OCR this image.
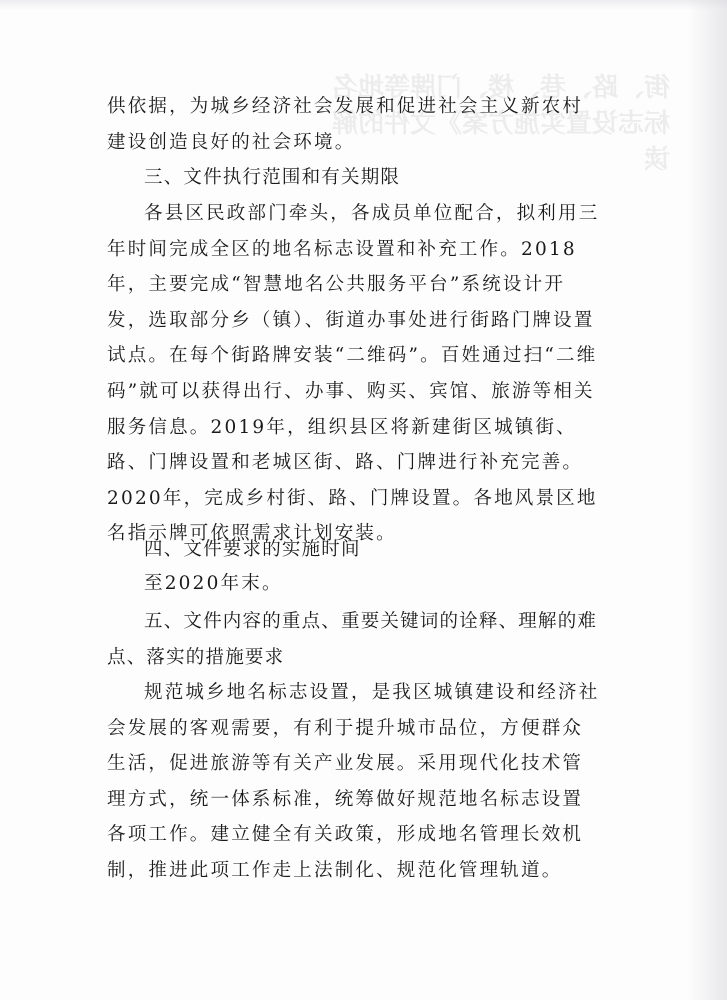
街、路、巷、楼、门牌等地名标志设置实施方案》文件的解读

供依据，为城乡经济社会发展和促进社会主义新农村建设创造良好的社会环境。

三、文件执行范围和有关期限

各县区民政部门牵头，各成员单位配合，拟利用三年时间完成全区的地名标志设置和补充工作。2018年，主要完成“智慧地名公共服务平台”系统设计开发，选取部分乡（镇）、街道办事处进行街路门牌设置试点。在每个街路牌安装“二维码”。百姓通过扫“二维码”就可以获得出行、办事、购买、宾馆、旅游等相关服务信息。2019年，组织县区将新建街区城镇街、路、门牌设置和老城区街、路、门牌进行补充完善。2020年，完成乡村街、路、门牌设置。各地风景区地名指示牌可依照需求计划安装。

四、文件要求的实施时间

至2020年末。

五、文件内容的重点、重要关键词的诠释、理解的难点、落实的措施要求

规范城乡地名标志设置，是我区城镇建设和经济社会发展的客观需要，有利于提升城市品位，方便群众生活，促进旅游等有关产业发展。采用现代化技术管理方式，统一体系标准，统筹做好规范地名标志设置各项工作。建立健全有关政策，形成地名管理长效机制，推进此项工作走上法制化、规范化管理轨道。
